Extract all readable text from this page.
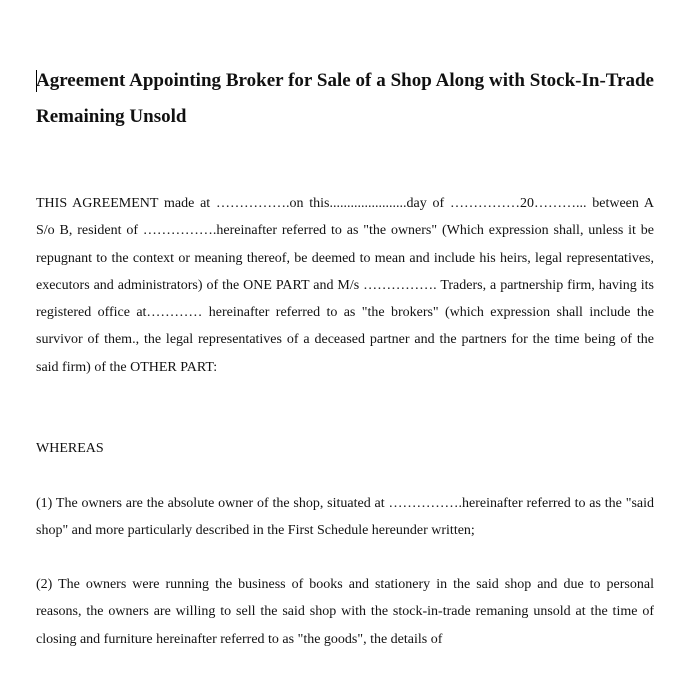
Agreement Appointing Broker for Sale of a Shop Along with Stock-In-Trade Remaining Unsold

THIS AGREEMENT made at …………….on this......................day of ……………20………... between A S/o B, resident of …………….hereinafter referred to as "the owners" (Which expression shall, unless it be repugnant to the context or meaning thereof, be deemed to mean and include his heirs, legal representatives, executors and administrators) of the ONE PART and M/s ……………. Traders, a partnership firm, having its registered office at………… hereinafter referred to as "the brokers" (which expression shall include the survivor of them., the legal representatives of a deceased partner and the partners for the time being of the said firm) of the OTHER PART:

WHEREAS

(1) The owners are the absolute owner of the shop, situated at …………….hereinafter referred to as the "said shop" and more particularly described in the First Schedule hereunder written;

(2) The owners were running the business of books and stationery in the said shop and due to personal reasons, the owners are willing to sell the said shop with the stock-in-trade remaning unsold at the time of closing and furniture hereinafter referred to as "the goods", the details of
